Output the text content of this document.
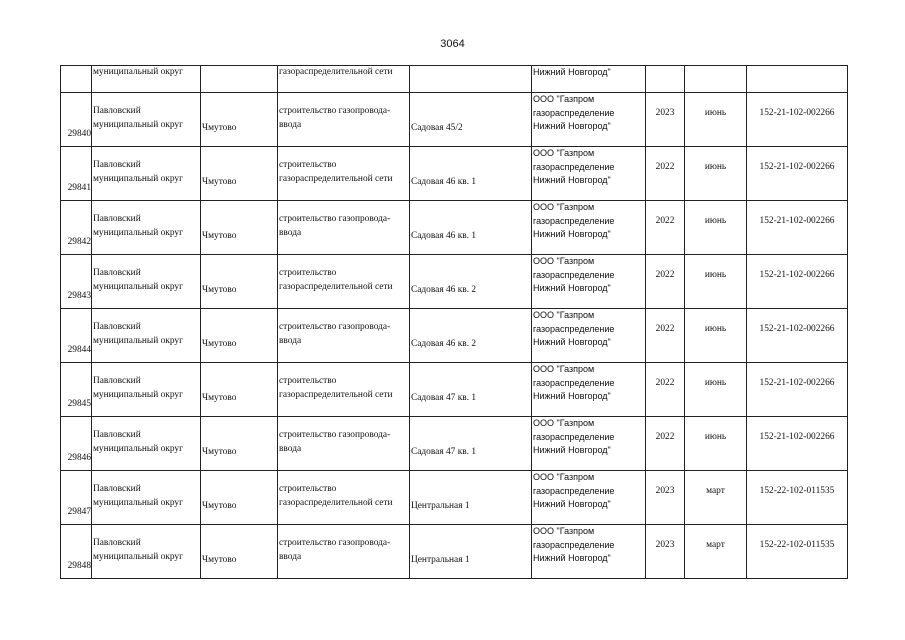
3064

	муниципальный округ		газораспределительной сети		Нижний Новгород"			

29840	Павловский
муниципальный округ	Чмутово	строительство газопровода-
ввода	Садовая 45/2	ООО "Газпром
газораспределение
Нижний Новгород"	2023	июнь	152-21-102-002266

29841	Павловский
муниципальный округ	Чмутово	строительство
газораспределительной сети	Садовая 46 кв. 1	ООО "Газпром
газораспределение
Нижний Новгород"	2022	июнь	152-21-102-002266

29842	Павловский
муниципальный округ	Чмутово	строительство газопровода-
ввода	Садовая 46 кв. 1	ООО "Газпром
газораспределение
Нижний Новгород"	2022	июнь	152-21-102-002266

29843	Павловский
муниципальный округ	Чмутово	строительство
газораспределительной сети	Садовая 46 кв. 2	ООО "Газпром
газораспределение
Нижний Новгород"	2022	июнь	152-21-102-002266

29844	Павловский
муниципальный округ	Чмутово	строительство газопровода-
ввода	Садовая 46 кв. 2	ООО "Газпром
газораспределение
Нижний Новгород"	2022	июнь	152-21-102-002266

29845	Павловский
муниципальный округ	Чмутово	строительство
газораспределительной сети	Садовая 47 кв. 1	ООО "Газпром
газораспределение
Нижний Новгород"	2022	июнь	152-21-102-002266

29846	Павловский
муниципальный округ	Чмутово	строительство газопровода-
ввода	Садовая 47 кв. 1	ООО "Газпром
газораспределение
Нижний Новгород"	2022	июнь	152-21-102-002266

29847	Павловский
муниципальный округ	Чмутово	строительство
газораспределительной сети	Центральная 1	ООО "Газпром
газораспределение
Нижний Новгород"	2023	март	152-22-102-011535

29848	Павловский
муниципальный округ	Чмутово	строительство газопровода-
ввода	Центральная 1	ООО "Газпром
газораспределение
Нижний Новгород"	2023	март	152-22-102-011535
